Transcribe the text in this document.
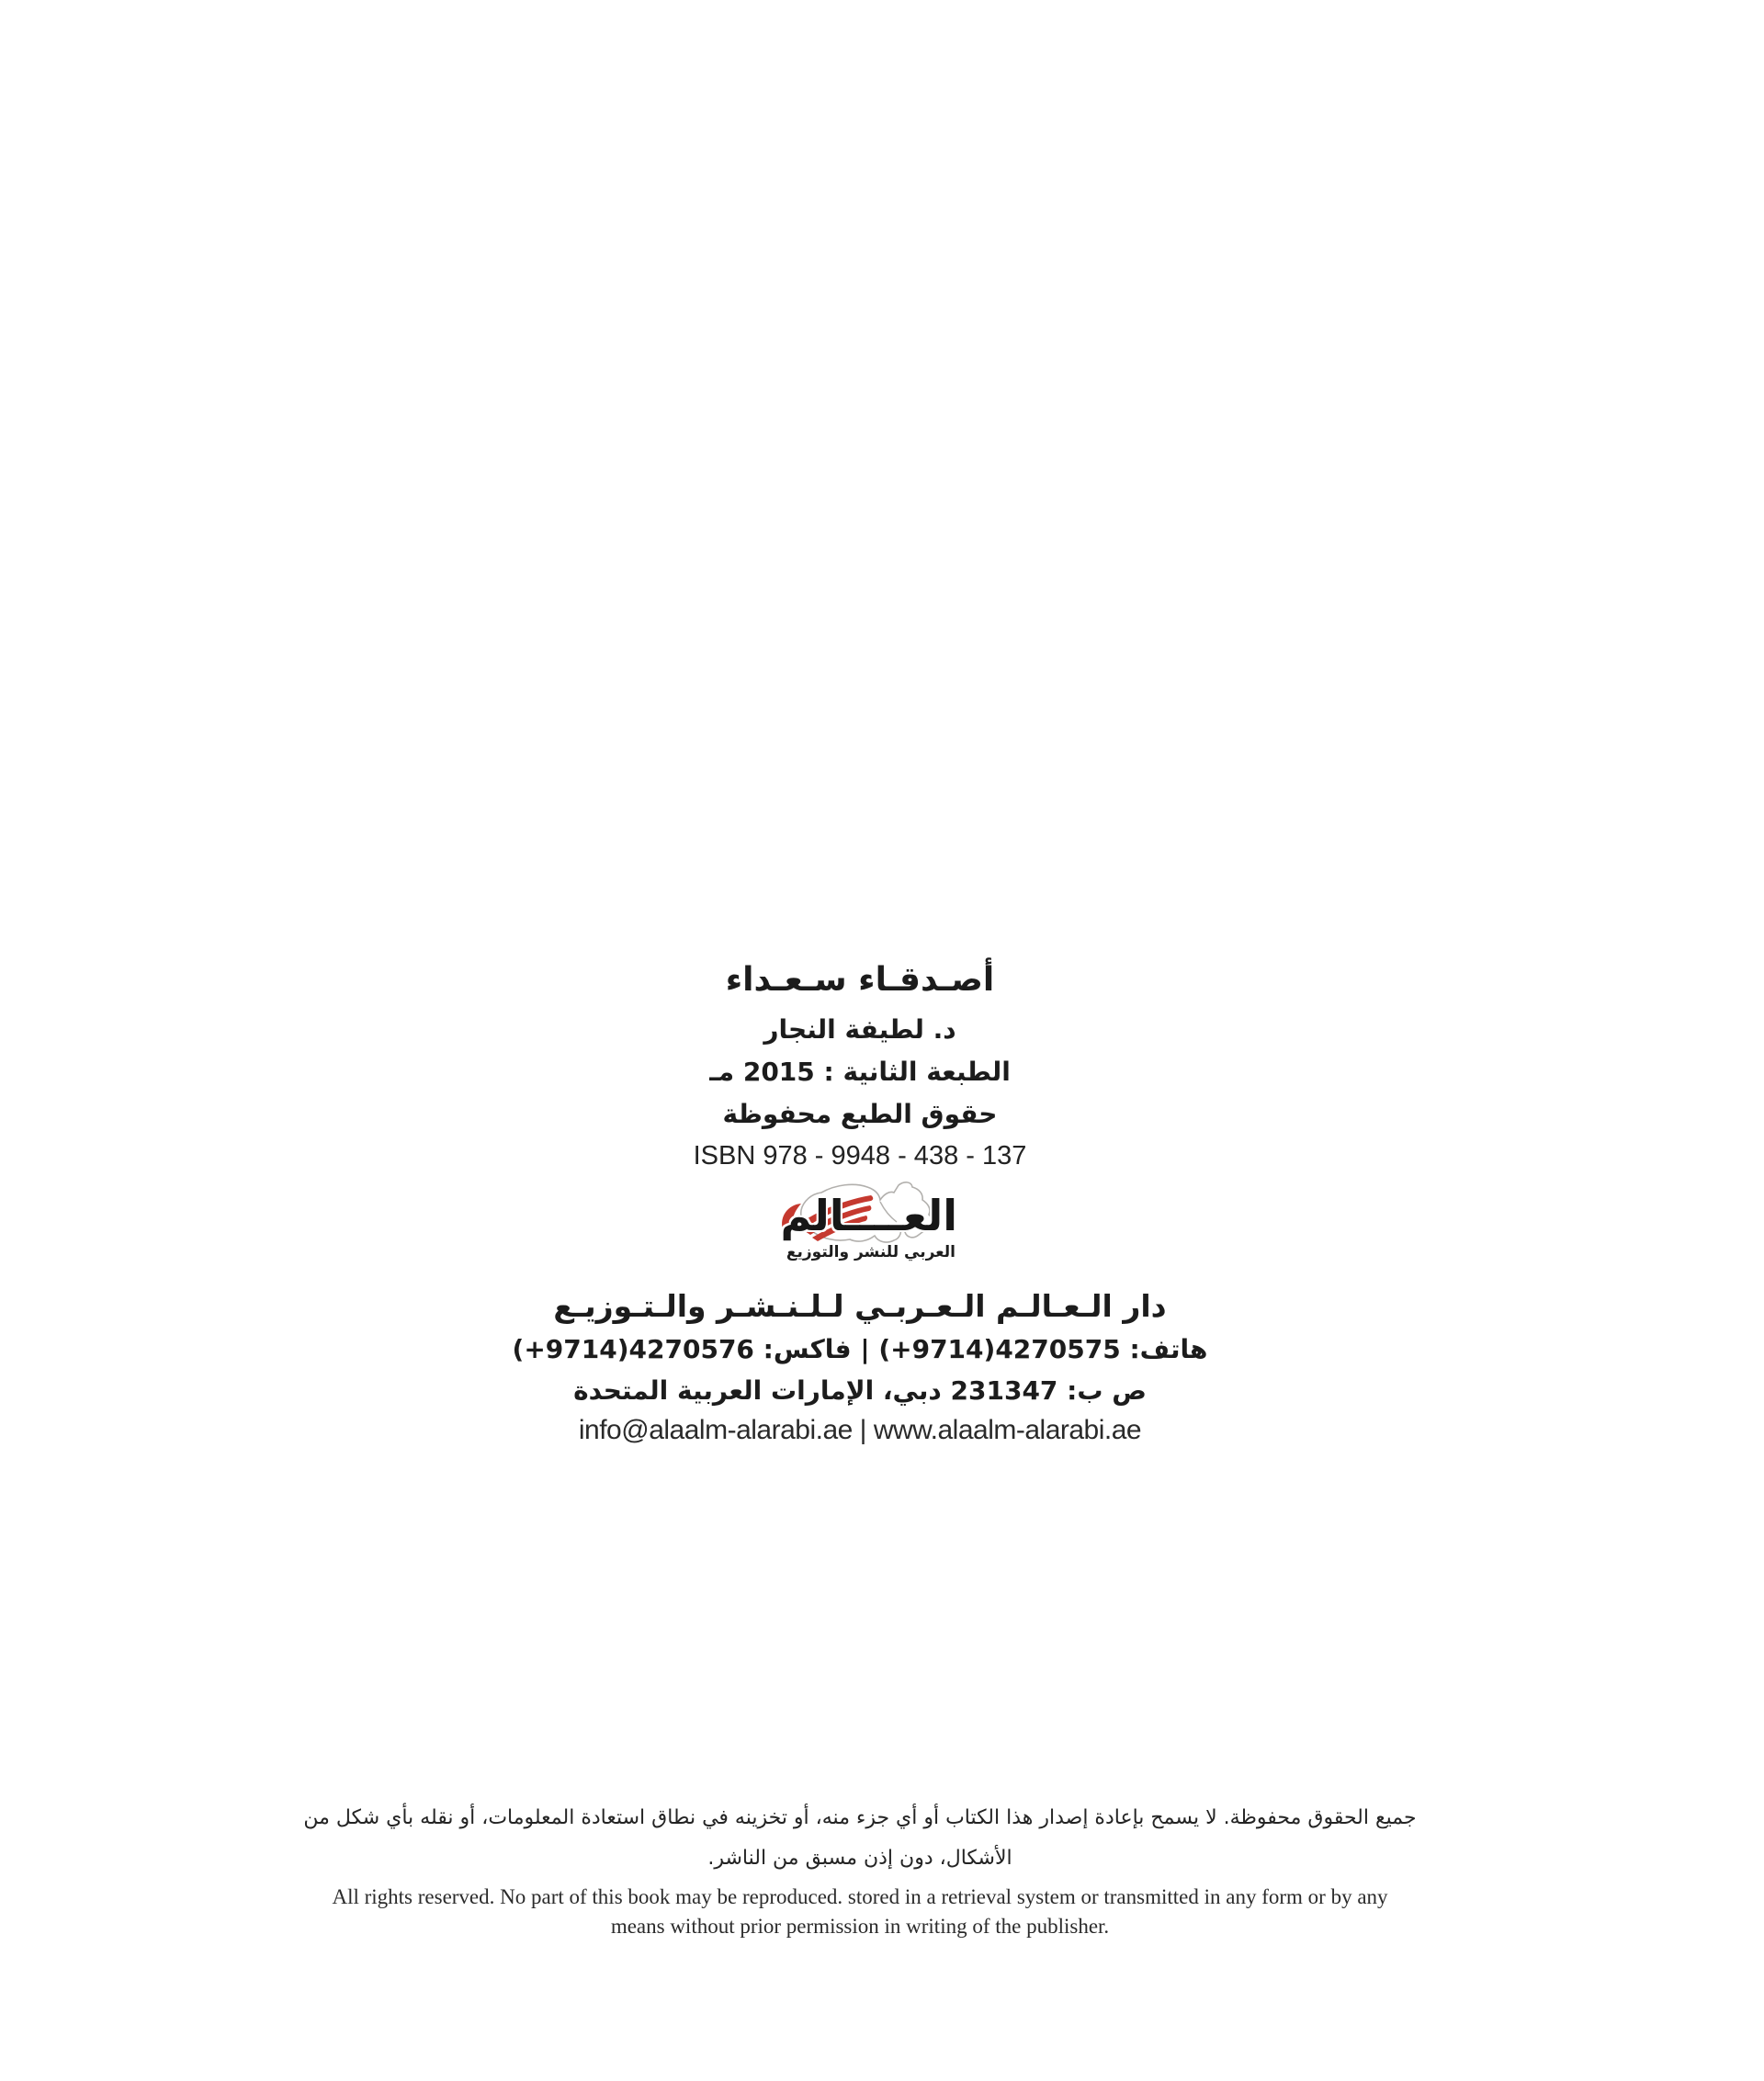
أصـدقـاء سـعـداء
د. لطيفة النجار
الطبعة الثانية : 2015 مـ
حقوق الطبع محفوظة
ISBN 978 - 9948 - 438 - 137
العــــالم
العربي للنشر والتوزيع
دار الـعـالـم الـعـربـي لـلـنـشـر والـتـوزيـع
هاتف: (+9714)4270575 | فاكس: (+9714)4270576
ص ب: 231347 دبي، الإمارات العربية المتحدة
info@alaalm-alarabi.ae | www.alaalm-alarabi.ae
جميع الحقوق محفوظة. لا يسمح بإعادة إصدار هذا الكتاب أو أي جزء منه، أو تخزينه في نطاق استعادة المعلومات، أو نقله بأي شكل من
الأشكال، دون إذن مسبق من الناشر.
All rights reserved. No part of this book may be reproduced. stored in a retrieval system or transmitted in any form or by any
means without prior permission in writing of the publisher.
